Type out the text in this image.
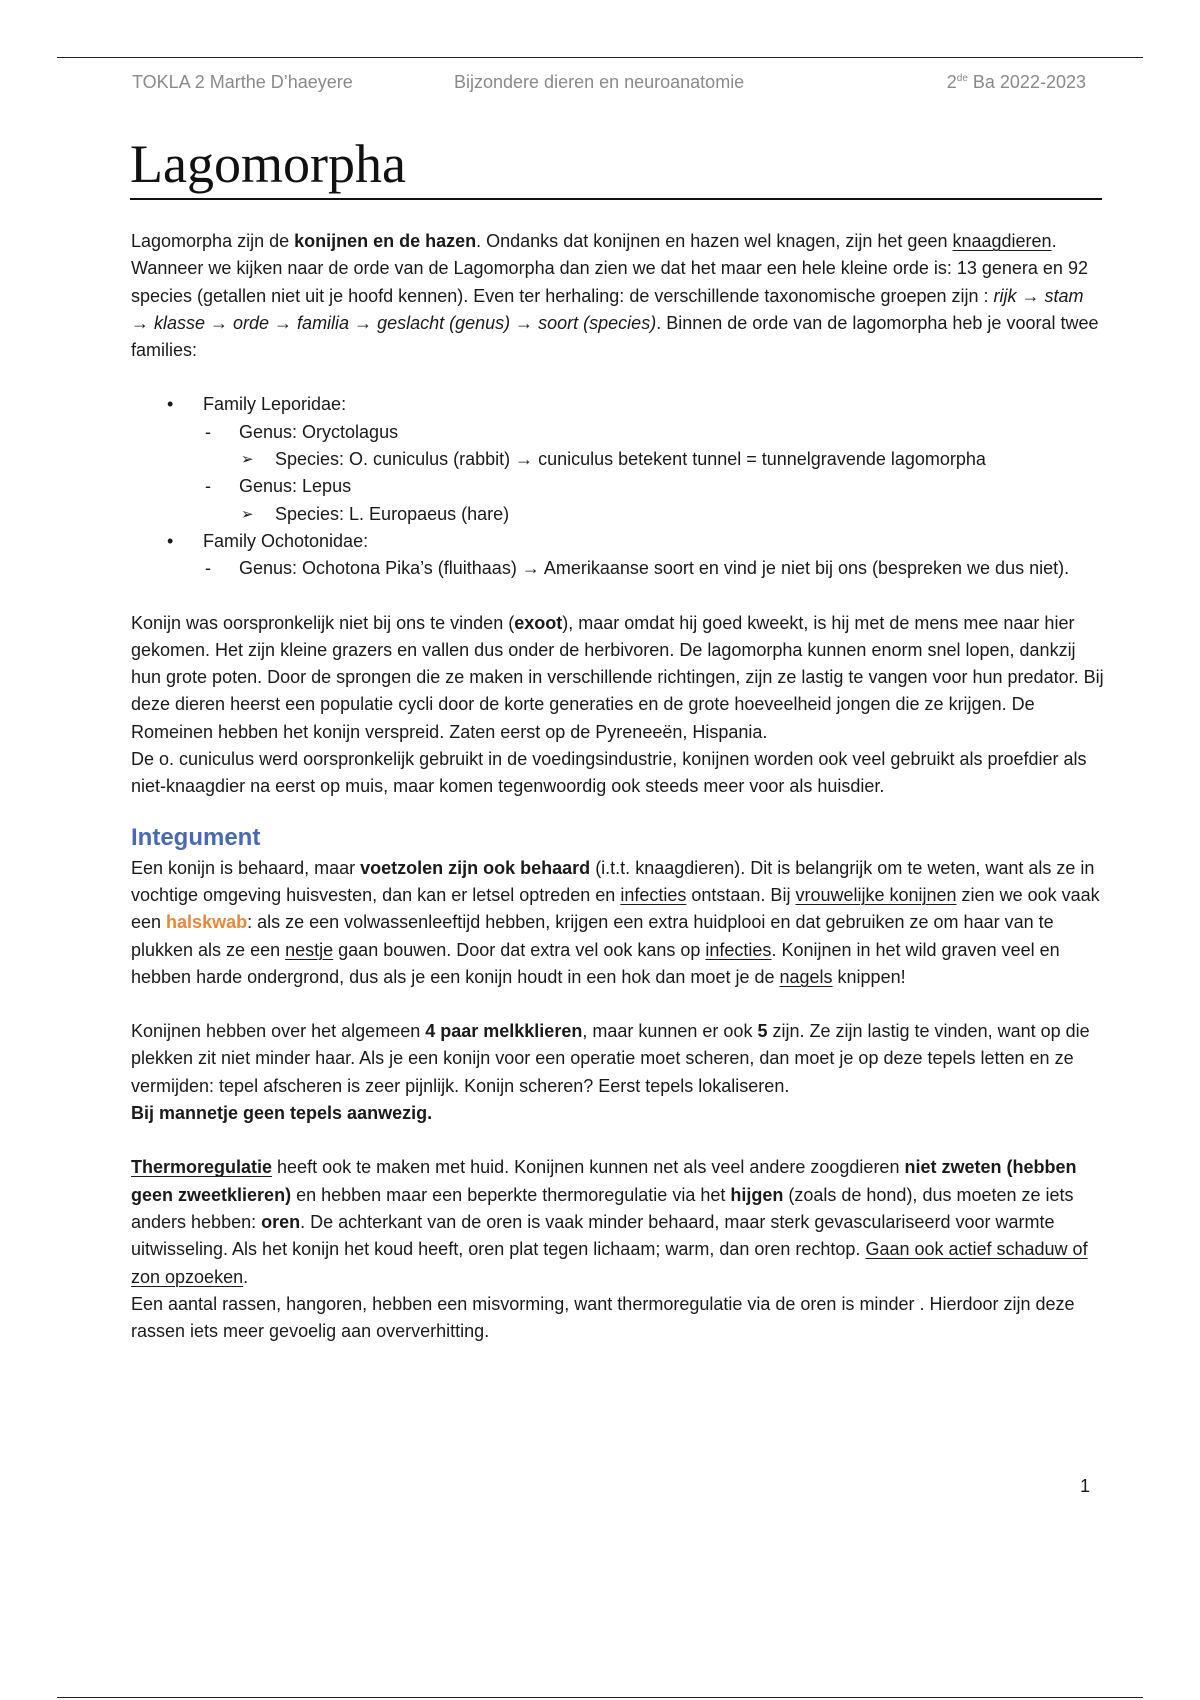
TOKLA 2 Marthe D’haeyere	Bijzondere dieren en neuroanatomie	2de Ba 2022-2023
Lagomorpha

Lagomorpha zijn de konijnen en de hazen. Ondanks dat konijnen en hazen wel knagen, zijn het geen knaagdieren. Wanneer we kijken naar de orde van de Lagomorpha dan zien we dat het maar een hele kleine orde is: 13 genera en 92 species (getallen niet uit je hoofd kennen). Even ter herhaling: de verschillende taxonomische groepen zijn : rijk → stam → klasse → orde → familia → geslacht (genus) → soort (species). Binnen de orde van de lagomorpha heb je vooral twee families:

• Family Leporidae:
- Genus: Oryctolagus
➢ Species: O. cuniculus (rabbit) → cuniculus betekent tunnel = tunnelgravende lagomorpha
- Genus: Lepus
➢ Species: L. Europaeus (hare)
• Family Ochotonidae:
- Genus: Ochotona Pika’s (fluithaas) → Amerikaanse soort en vind je niet bij ons (bespreken we dus niet).

Konijn was oorspronkelijk niet bij ons te vinden (exoot), maar omdat hij goed kweekt, is hij met de mens mee naar hier gekomen. Het zijn kleine grazers en vallen dus onder de herbivoren. De lagomorpha kunnen enorm snel lopen, dankzij hun grote poten. Door de sprongen die ze maken in verschillende richtingen, zijn ze lastig te vangen voor hun predator. Bij deze dieren heerst een populatie cycli door de korte generaties en de grote hoeveelheid jongen die ze krijgen. De Romeinen hebben het konijn verspreid. Zaten eerst op de Pyreneeën, Hispania.

De o. cuniculus werd oorspronkelijk gebruikt in de voedingsindustrie, konijnen worden ook veel gebruikt als proefdier als niet-knaagdier na eerst op muis, maar komen tegenwoordig ook steeds meer voor als huisdier.

Integument

Een konijn is behaard, maar voetzolen zijn ook behaard (i.t.t. knaagdieren). Dit is belangrijk om te weten, want als ze in vochtige omgeving huisvesten, dan kan er letsel optreden en infecties ontstaan. Bij vrouwelijke konijnen zien we ook vaak een halskwab: als ze een volwassenleeftijd hebben, krijgen een extra huidplooi en dat gebruiken ze om haar van te plukken als ze een nestje gaan bouwen. Door dat extra vel ook kans op infecties. Konijnen in het wild graven veel en hebben harde ondergrond, dus als je een konijn houdt in een hok dan moet je de nagels knippen!

Konijnen hebben over het algemeen 4 paar melkklieren, maar kunnen er ook 5 zijn. Ze zijn lastig te vinden, want op die plekken zit niet minder haar. Als je een konijn voor een operatie moet scheren, dan moet je op deze tepels letten en ze vermijden: tepel afscheren is zeer pijnlijk. Konijn scheren? Eerst tepels lokaliseren.
Bij mannetje geen tepels aanwezig.

Thermoregulatie heeft ook te maken met huid. Konijnen kunnen net als veel andere zoogdieren niet zweten (hebben geen zweetklieren) en hebben maar een beperkte thermoregulatie via het hijgen (zoals de hond), dus moeten ze iets anders hebben: oren. De achterkant van de oren is vaak minder behaard, maar sterk gevasculariseerd voor warmte uitwisseling. Als het konijn het koud heeft, oren plat tegen lichaam; warm, dan oren rechtop. Gaan ook actief schaduw of zon opzoeken.

Een aantal rassen, hangoren, hebben een misvorming, want thermoregulatie via de oren is minder . Hierdoor zijn deze rassen iets meer gevoelig aan oververhitting.

1
